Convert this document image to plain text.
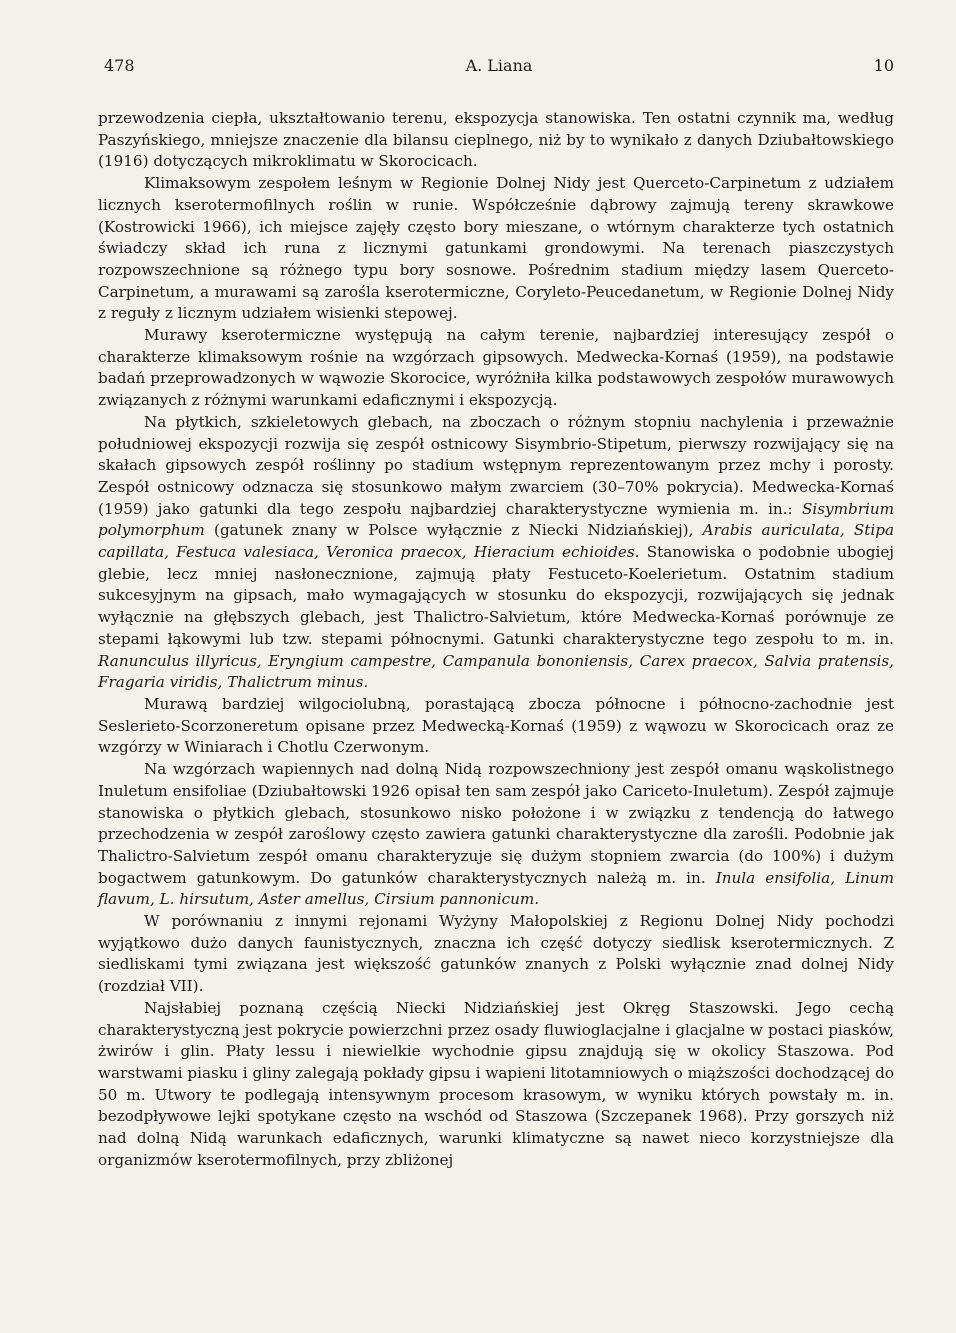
478	A. Liana	10

przewodzenia ciepła, ukształtowanio terenu, ekspozycja stanowiska. Ten ostatni czynnik ma, według Paszyńskiego, mniejsze znaczenie dla bilansu cieplnego, niż by to wynikało z danych Dziubałtowskiego (1916) dotyczących mikroklimatu w Skorocicach.

Klimaksowym zespołem leśnym w Regionie Dolnej Nidy jest Querceto-Carpinetum z udziałem licznych kserotermofilnych roślin w runie. Współcześnie dąbrowy zajmują tereny skrawkowe (Kostrowicki 1966), ich miejsce zajęły często bory mieszane, o wtórnym charakterze tych ostatnich świadczy skład ich runa z licznymi gatunkami grondowymi. Na terenach piaszczystych rozpowszechnione są różnego typu bory sosnowe. Pośrednim stadium między lasem Querceto-Carpinetum, a murawami są zarośla kserotermiczne, Coryleto-Peucedanetum, w Regionie Dolnej Nidy z reguły z licznym udziałem wisienki stepowej.

Murawy kserotermiczne występują na całym terenie, najbardziej interesujący zespół o charakterze klimaksowym rośnie na wzgórzach gipsowych. Medwecka-Kornaś (1959), na podstawie badań przeprowadzonych w wąwozie Skorocice, wyróżniła kilka podstawowych zespołów murawowych związanych z różnymi warunkami edaficznymi i ekspozycją.

Na płytkich, szkieletowych glebach, na zboczach o różnym stopniu nachylenia i przeważnie południowej ekspozycji rozwija się zespół ostnicowy Sisymbrio-Stipetum, pierwszy rozwijający się na skałach gipsowych zespół roślinny po stadium wstępnym reprezentowanym przez mchy i porosty. Zespół ostnicowy odznacza się stosunkowo małym zwarciem (30–70% pokrycia). Medwecka-Kornaś (1959) jako gatunki dla tego zespołu najbardziej charakterystyczne wymienia m. in.: Sisymbrium polymorphum (gatunek znany w Polsce wyłącznie z Niecki Nidziańskiej), Arabis auriculata, Stipa capillata, Festuca valesiaca, Veronica praecox, Hieracium echioides. Stanowiska o podobnie ubogiej glebie, lecz mniej nasłonecznione, zajmują płaty Festuceto-Koelerietum. Ostatnim stadium sukcesyjnym na gipsach, mało wymagających w stosunku do ekspozycji, rozwijających się jednak wyłącznie na głębszych glebach, jest Thalictro-Salvietum, które Medwecka-Kornaś porównuje ze stepami łąkowymi lub tzw. stepami północnymi. Gatunki charakterystyczne tego zespołu to m. in. Ranunculus illyricus, Eryngium campestre, Campanula bononiensis, Carex praecox, Salvia pratensis, Fragaria viridis, Thalictrum minus.

Murawą bardziej wilgociolubną, porastającą zbocza północne i północno-zachodnie jest Seslerieto-Scorzoneretum opisane przez Medwecką-Kornaś (1959) z wąwozu w Skorocicach oraz ze wzgórzy w Winiarach i Chotlu Czerwonym.

Na wzgórzach wapiennych nad dolną Nidą rozpowszechniony jest zespół omanu wąskolistnego Inuletum ensifoliae (Dziubałtowski 1926 opisał ten sam zespół jako Caricetо-Inuletum). Zespół zajmuje stanowiska o płytkich glebach, stosunkowo nisko położone i w związku z tendencją do łatwego przechodzenia w zespół zaroślowy często zawiera gatunki charakterystyczne dla zarośli. Podobnie jak Thalictro-Salvietum zespół omanu charakteryzuje się dużym stopniem zwarcia (do 100%) i dużym bogactwem gatunkowym. Do gatunków charakterystycznych należą m. in. Inula ensifolia, Linum flavum, L. hirsutum, Aster amellus, Cirsium pannonicum.

W porównaniu z innymi rejonami Wyżyny Małopolskiej z Regionu Dolnej Nidy pochodzi wyjątkowo dużo danych faunistycznych, znaczna ich część dotyczy siedlisk kserotermicznych. Z siedliskami tymi związana jest większość gatunków znanych z Polski wyłącznie znad dolnej Nidy (rozdział VII).

Najsłabiej poznaną częścią Niecki Nidziańskiej jest Okręg Staszowski. Jego cechą charakterystyczną jest pokrycie powierzchni przez osady fluwioglacjalne i glacjalne w postaci piasków, żwirów i glin. Płaty lessu i niewielkie wychodnie gipsu znajdują się w okolicy Staszowa. Pod warstwami piasku i gliny zalegają pokłady gipsu i wapieni litotamniowych o miąższości dochodzącej do 50 m. Utwory te podlegają intensywnym procesom krasowym, w wyniku których powstały m. in. bezodpływowe lejki spotykane często na wschód od Staszowa (Szczepanek 1968). Przy gorszych niż nad dolną Nidą warunkach edaficznych, warunki klimatyczne są nawet nieco korzystniejsze dla organizmów kserotermofilnych, przy zbliżonej
